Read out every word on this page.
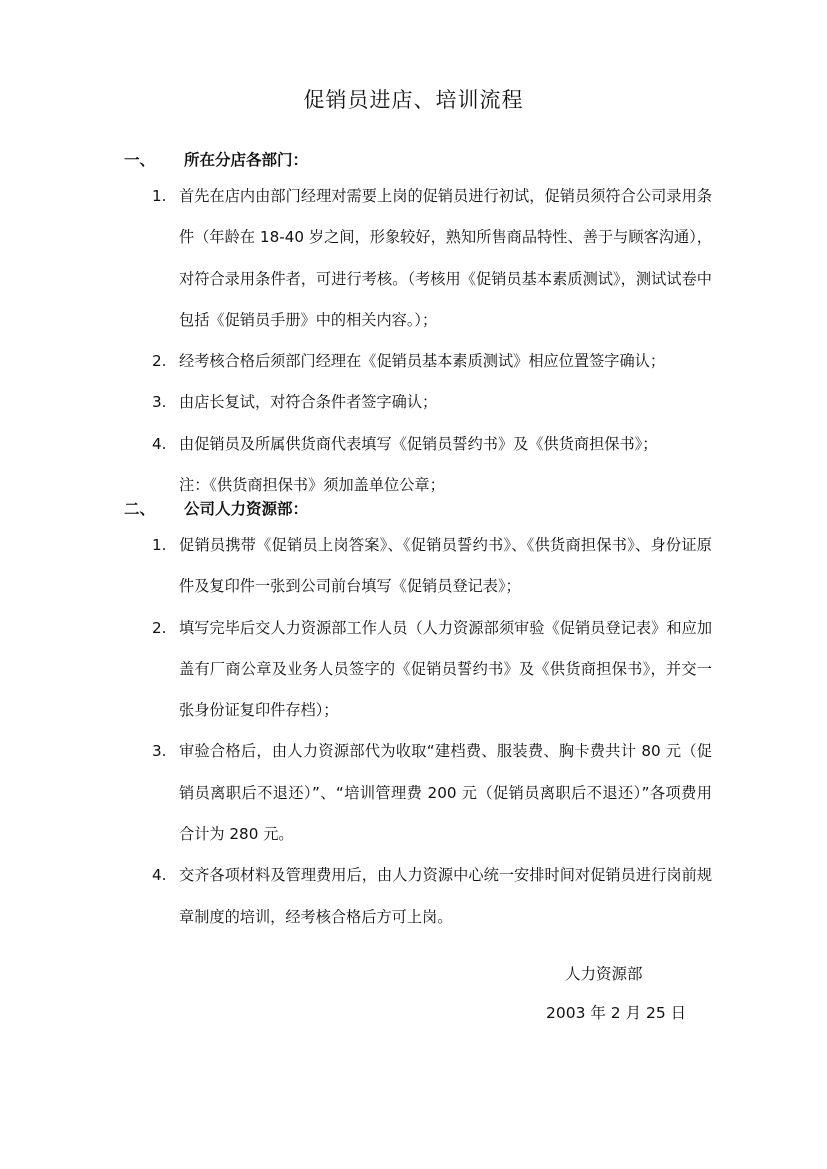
促销员进店、培训流程
一、 所在分店各部门：
1. 首先在店内由部门经理对需要上岗的促销员进行初试，促销员须符合公司录用条件（年龄在 18-40 岁之间，形象较好，熟知所售商品特性、善于与顾客沟通），对符合录用条件者，可进行考核。（考核用《促销员基本素质测试》，测试试卷中包括《促销员手册》中的相关内容。）；
2. 经考核合格后须部门经理在《促销员基本素质测试》相应位置签字确认；
3. 由店长复试，对符合条件者签字确认；
4. 由促销员及所属供货商代表填写《促销员誓约书》及《供货商担保书》；
注：《供货商担保书》须加盖单位公章；
二、 公司人力资源部：
1. 促销员携带《促销员上岗答案》、《促销员誓约书》、《供货商担保书》、身份证原件及复印件一张到公司前台填写《促销员登记表》；
2. 填写完毕后交人力资源部工作人员（人力资源部须审验《促销员登记表》和应加盖有厂商公章及业务人员签字的《促销员誓约书》及《供货商担保书》，并交一张身份证复印件存档）；
3. 审验合格后，由人力资源部代为收取“建档费、服装费、胸卡费共计 80 元（促销员离职后不退还）”、“培训管理费 200 元（促销员离职后不退还）”各项费用合计为 280 元。
4. 交齐各项材料及管理费用后，由人力资源中心统一安排时间对促销员进行岗前规章制度的培训，经考核合格后方可上岗。
人力资源部
2003 年 2 月 25 日
